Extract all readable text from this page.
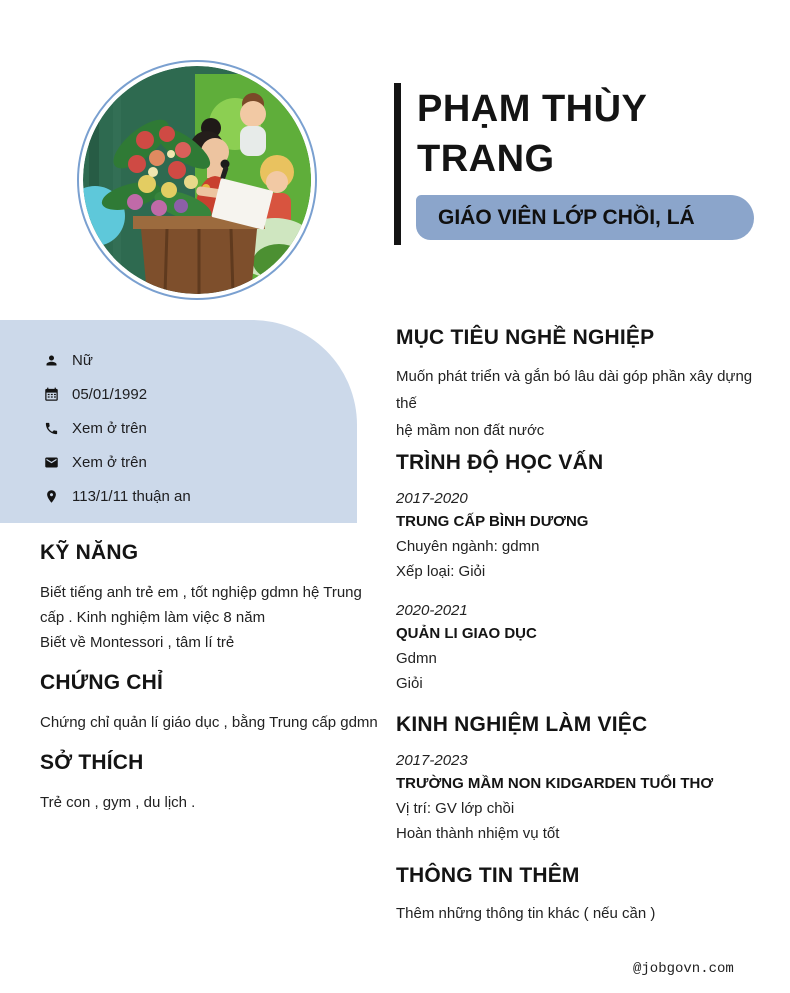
PHẠM THÙY TRANG
GIÁO VIÊN LỚP CHỒI, LÁ
Nữ
05/01/1992
Xem ở trên
Xem ở trên
113/1/11 thuận an
KỸ NĂNG
Biết tiếng anh trẻ em , tốt nghiệp gdmn hệ Trung
cấp . Kinh nghiệm làm việc 8 năm
Biết về Montessori , tâm lí trẻ
CHỨNG CHỈ
Chứng chỉ quản lí giáo dục , bằng Trung cấp gdmn
SỞ THÍCH
Trẻ con , gym , du lịch .
MỤC TIÊU NGHỀ NGHIỆP
Muốn phát triển và gắn bó lâu dài góp phần xây dựng thế
hệ mầm non đất nước
TRÌNH ĐỘ HỌC VẤN
2017-2020
TRUNG CẤP BÌNH DƯƠNG
Chuyên ngành: gdmn
Xếp loại: Giỏi
2020-2021
QUẢN LI GIAO DỤC
Gdmn
Giỏi
KINH NGHIỆM LÀM VIỆC
2017-2023
TRƯỜNG MẦM NON KIDGARDEN TUỔI THƠ
Vị trí: GV lớp chồi
Hoàn thành nhiệm vụ tốt
THÔNG TIN THÊM
Thêm những thông tin khác ( nếu cần )
@jobgovn.com
